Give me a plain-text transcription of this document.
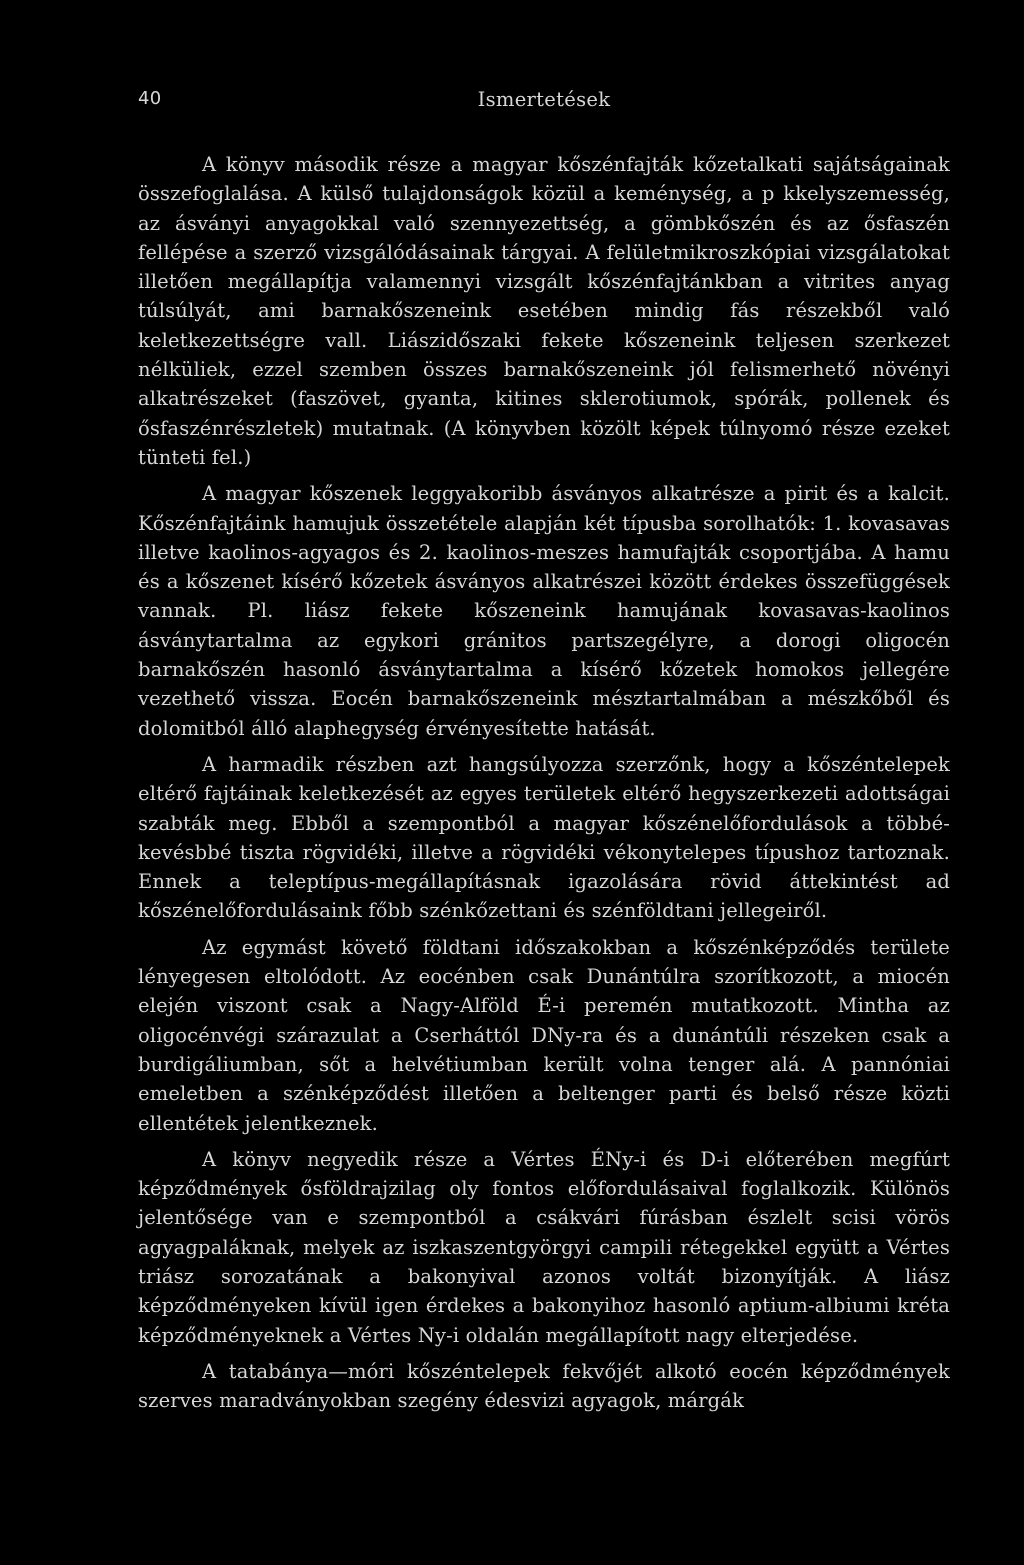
40	Ismertetések

A könyv második része a magyar kőszénfajták kőzetalkati sajátságainak összefoglalása. A külső tulajdonságok közül a keménység, a p kkelyszemesség, az ásványi anyagokkal való szennyezettség, a gömbkőszén és az ősfaszén fellépése a szerző vizsgálódásainak tárgyai. A felületmikroszkópiai vizsgálatokat illetően megállapítja valamennyi vizsgált kőszénfajtánkban a vitrites anyag túlsúlyát, ami barnakőszeneink esetében mindig fás részekből való keletkezettségre vall. Liászidőszaki fekete kőszeneink teljesen szerkezet nélküliek, ezzel szemben összes barnakőszeneink jól felismerhető növényi alkatrészeket (faszövet, gyanta, kitines sklerotiumok, spórák, pollenek és ősfaszénrészletek) mutatnak. (A könyvben közölt képek túlnyomó része ezeket tünteti fel.)

A magyar kőszenek leggyakoribb ásványos alkatrésze a pirit és a kalcit. Kőszénfajtáink hamujuk összetétele alapján két típusba sorolhatók: 1. kovasavas illetve kaolinos-agyagos és 2. kaolinos-meszes hamufajták csoportjába. A hamu és a kőszenet kísérő kőzetek ásványos alkatrészei között érdekes összefüggések vannak. Pl. liász fekete kőszeneink hamujának kovasavas-kaolinos ásványtartalma az egykori gránitos partszegélyre, a dorogi oligocén barnakőszén hasonló ásványtartalma a kísérő kőzetek homokos jellegére vezethető vissza. Eocén barnakőszeneink mésztartalmában a mészkőből és dolomitból álló alaphegység érvényesítette hatását.

A harmadik részben azt hangsúlyozza szerzőnk, hogy a kőszéntelepek eltérő fajtáinak keletkezését az egyes területek eltérő hegyszerkezeti adottságai szabták meg. Ebből a szempontból a magyar kőszénelőfordulások a többé-kevésbbé tiszta rögvidéki, illetve a rögvidéki vékonytelepes típushoz tartoznak. Ennek a teleptípus-megállapításnak igazolására rövid áttekintést ad kőszénelőfordulásaink főbb szénkőzettani és szénföldtani jellegeiről.

Az egymást követő földtani időszakokban a kőszénképződés területe lényegesen eltolódott. Az eocénben csak Dunántúlra szorítkozott, a miocén elején viszont csak a Nagy-Alföld É-i peremén mutatkozott. Mintha az oligocénvégi szárazulat a Cserháttól DNy-ra és a dunántúli részeken csak a burdigáliumban, sőt a helvétiumban került volna tenger alá. A pannóniai emeletben a szénképződést illetően a beltenger parti és belső része közti ellentétek jelentkeznek.

A könyv negyedik része a Vértes ÉNy-i és D-i előterében megfúrt képződmények ősföldrajzilag oly fontos előfordulásaival foglalkozik. Különös jelentősége van e szempontból a csákvári fúrásban észlelt scisi vörös agyagpaláknak, melyek az iszkaszentgyörgyi campili rétegekkel együtt a Vértes triász sorozatának a bakonyival azonos voltát bizonyítják. A liász képződményeken kívül igen érdekes a bakonyihoz hasonló aptium-albiumi kréta képződményeknek a Vértes Ny-i oldalán megállapított nagy elterjedése.

A tatabánya—móri kőszéntelepek fekvőjét alkotó eocén képződmények szerves maradványokban szegény édesvizi agyagok, márgák
